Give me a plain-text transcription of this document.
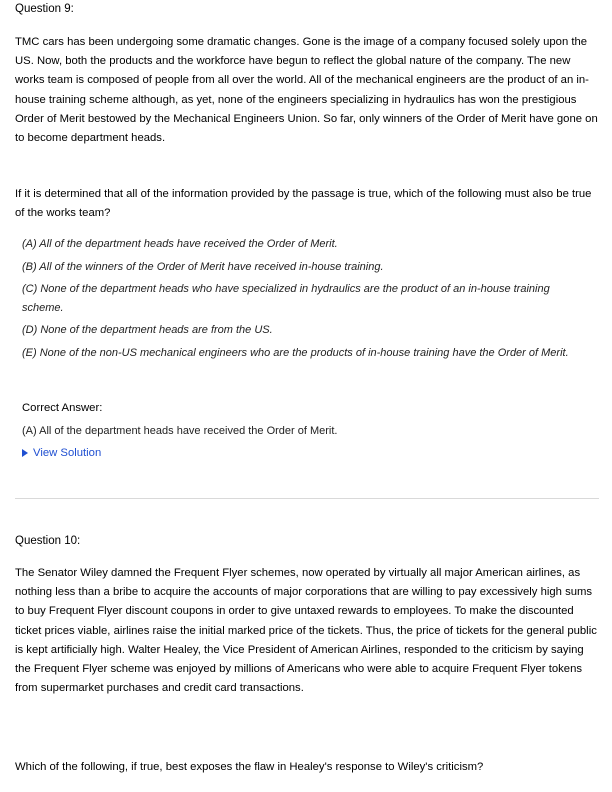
Question 9:

TMC cars has been undergoing some dramatic changes. Gone is the image of a company focused solely upon the US. Now, both the products and the workforce have begun to reflect the global nature of the company. The new works team is composed of people from all over the world. All of the mechanical engineers are the product of an in-house training scheme although, as yet, none of the engineers specializing in hydraulics has won the prestigious Order of Merit bestowed by the Mechanical Engineers Union. So far, only winners of the Order of Merit have gone on to become department heads.

If it is determined that all of the information provided by the passage is true, which of the following must also be true of the works team?

(A) All of the department heads have received the Order of Merit.

(B) All of the winners of the Order of Merit have received in-house training.

(C) None of the department heads who have specialized in hydraulics are the product of an in-house training scheme.

(D) None of the department heads are from the US.

(E) None of the non-US mechanical engineers who are the products of in-house training have the Order of Merit.

Correct Answer:
(A) All of the department heads have received the Order of Merit.
View Solution
Question 10:

The Senator Wiley damned the Frequent Flyer schemes, now operated by virtually all major American airlines, as nothing less than a bribe to acquire the accounts of major corporations that are willing to pay excessively high sums to buy Frequent Flyer discount coupons in order to give untaxed rewards to employees. To make the discounted ticket prices viable, airlines raise the initial marked price of the tickets. Thus, the price of tickets for the general public is kept artificially high. Walter Healey, the Vice President of American Airlines, responded to the criticism by saying the Frequent Flyer scheme was enjoyed by millions of Americans who were able to acquire Frequent Flyer tokens from supermarket purchases and credit card transactions.

Which of the following, if true, best exposes the flaw in Healey's response to Wiley's criticism?
